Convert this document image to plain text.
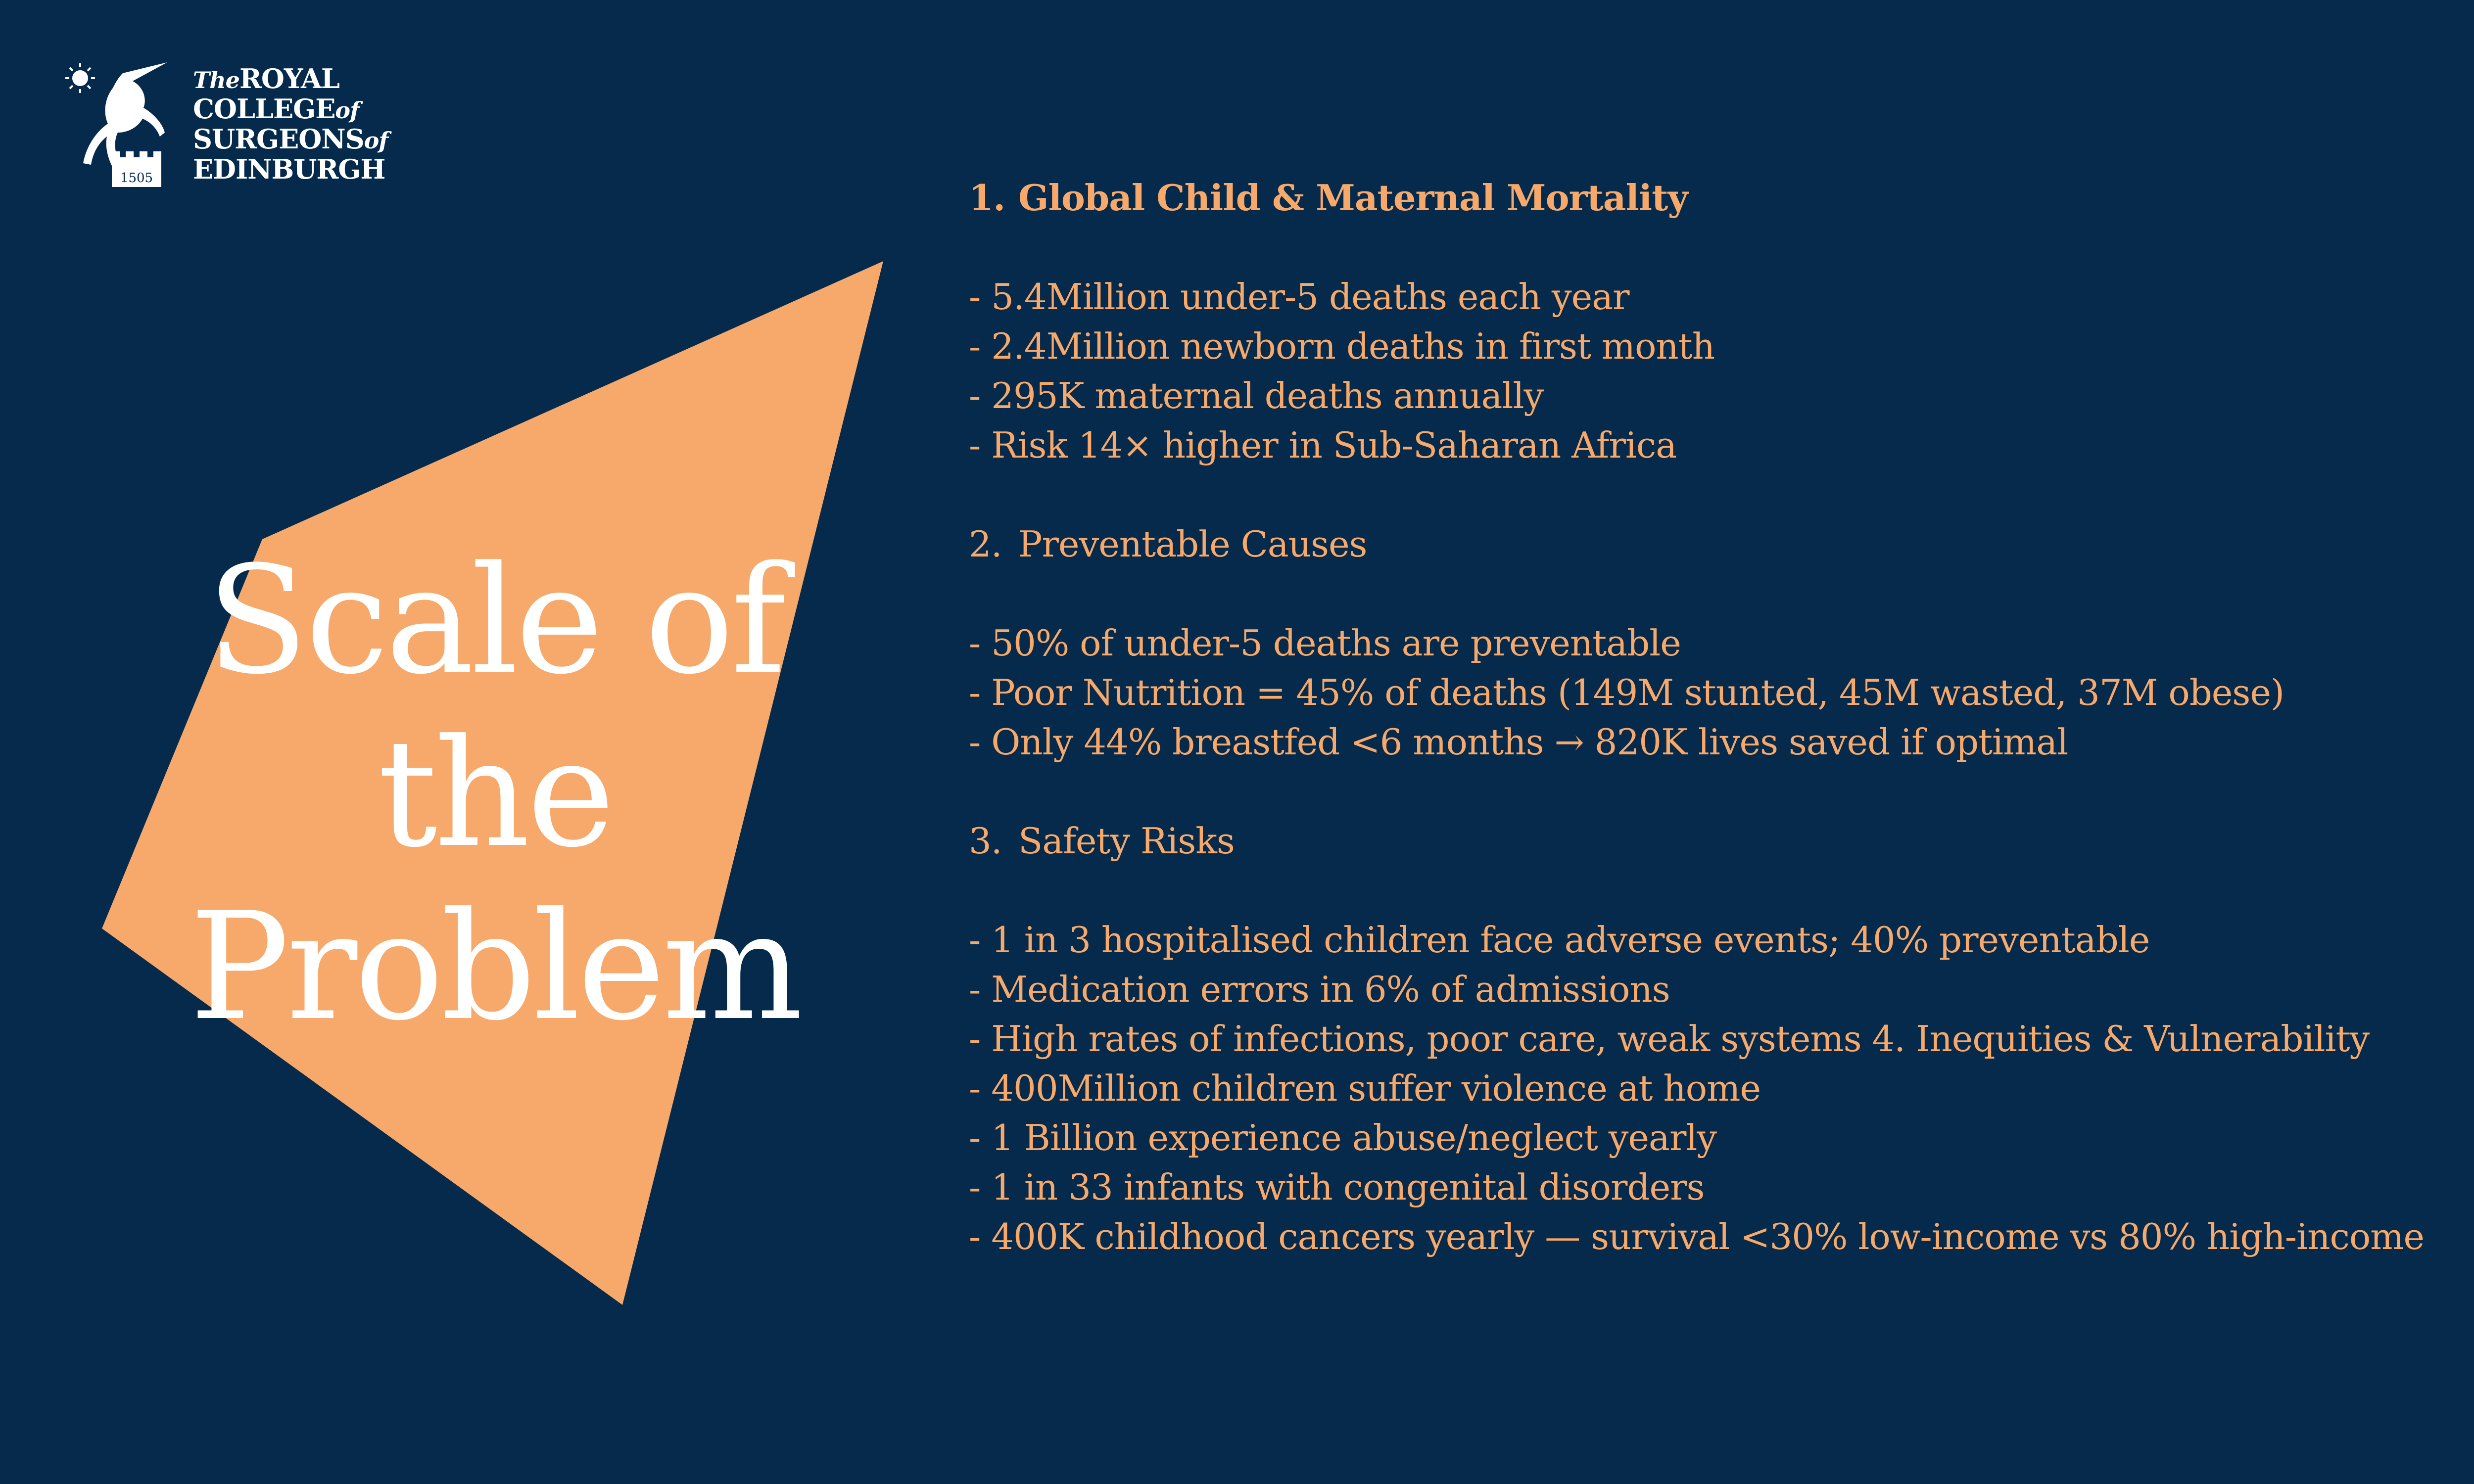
1505
TheROYAL
COLLEGEof
SURGEONSof
EDINBURGH
Scale of
the
Problem
1. Global Child & Maternal Mortality
- 5.4Million under-5 deaths each year
- 2.4Million newborn deaths in first month
- 295K maternal deaths annually
- Risk 14× higher in Sub-Saharan Africa
2. Preventable Causes
- 50% of under-5 deaths are preventable
- Poor Nutrition = 45% of deaths (149M stunted, 45M wasted, 37M obese)
- Only 44% breastfed <6 months → 820K lives saved if optimal
3. Safety Risks
- 1 in 3 hospitalised children face adverse events; 40% preventable
- Medication errors in 6% of admissions
- High rates of infections, poor care, weak systems 4. Inequities & Vulnerability
- 400Million children suffer violence at home
- 1 Billion experience abuse/neglect yearly
- 1 in 33 infants with congenital disorders
- 400K childhood cancers yearly — survival <30% low-income vs 80% high-income
